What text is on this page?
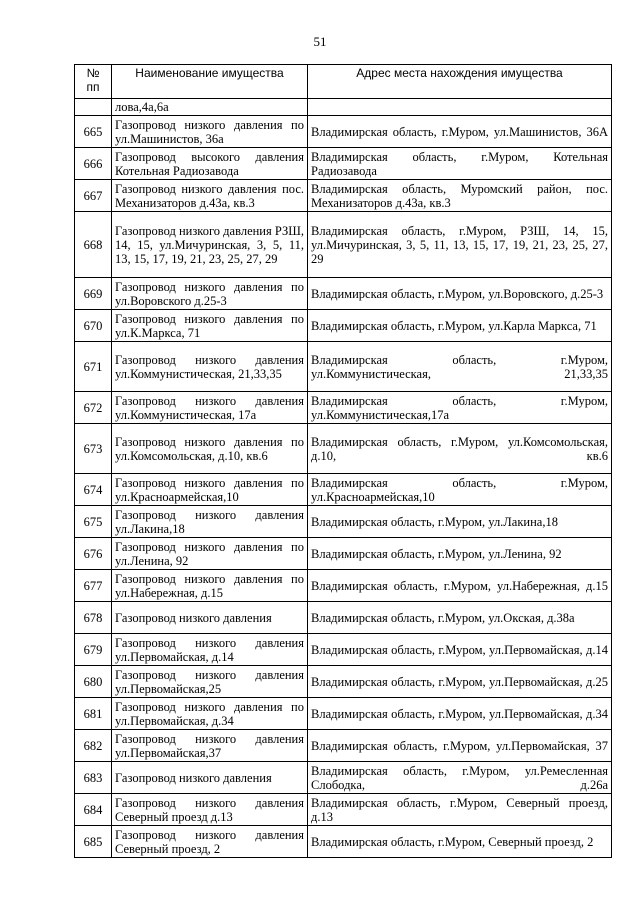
51
№
пп	Наименование имущества	Адрес места нахождения имущества
	лова,4а,6а	
665	Газопровод низкого давления по ул.Машинистов, 36а	Владимирская область, г.Муром, ул.Машинистов, 36А
666	Газопровод высокого давления Котельная Радиозавода	Владимирская область, г.Муром, Котельная Радиозавода
667	Газопровод низкого давления пос. Механизаторов д.43а, кв.3	Владимирская область, Муромский район, пос. Механизаторов д.43а, кв.3
668	Газопровод низкого давления РЗШ, 14, 15, ул.Мичуринская, 3, 5, 11, 13, 15, 17, 19, 21, 23, 25, 27, 29	Владимирская область, г.Муром, РЗШ, 14, 15, ул.Мичуринская, 3, 5, 11, 13, 15, 17, 19, 21, 23, 25, 27, 29
669	Газопровод низкого давления по ул.Воровского д.25-3	Владимирская область, г.Муром, ул.Воровского, д.25-3
670	Газопровод низкого давления по ул.К.Маркса, 71	Владимирская область, г.Муром, ул.Карла Маркса, 71
671	Газопровод низкого давления ул.Коммунистическая, 21,33,35	Владимирская область, г.Муром, ул.Коммунистическая, 21,33,35
672	Газопровод низкого давления ул.Коммунистическая, 17а	Владимирская область, г.Муром, ул.Коммунистическая,17а
673	Газопровод низкого давления по ул.Комсомольская, д.10, кв.6	Владимирская область, г.Муром, ул.Комсомольская, д.10, кв.6
674	Газопровод низкого давления по ул.Красноармейская,10	Владимирская область, г.Муром, ул.Красноармейская,10
675	Газопровод низкого давления ул.Лакина,18	Владимирская область, г.Муром, ул.Лакина,18
676	Газопровод низкого давления по ул.Ленина, 92	Владимирская область, г.Муром, ул.Ленина, 92
677	Газопровод низкого давления по ул.Набережная, д.15	Владимирская область, г.Муром, ул.Набережная, д.15
678	Газопровод низкого давления	Владимирская область, г.Муром, ул.Окская, д.38а
679	Газопровод низкого давления ул.Первомайская, д.14	Владимирская область, г.Муром, ул.Первомайская, д.14
680	Газопровод низкого давления ул.Первомайская,25	Владимирская область, г.Муром, ул.Первомайская, д.25
681	Газопровод низкого давления по ул.Первомайская, д.34	Владимирская область, г.Муром, ул.Первомайская, д.34
682	Газопровод низкого давления ул.Первомайская,37	Владимирская область, г.Муром, ул.Первомайская, 37
683	Газопровод низкого давления	Владимирская область, г.Муром, ул.Ремесленная Слободка, д.26а
684	Газопровод низкого давления Северный проезд д.13	Владимирская область, г.Муром, Северный проезд, д.13
685	Газопровод низкого давления Северный проезд, 2	Владимирская область, г.Муром, Северный проезд, 2
